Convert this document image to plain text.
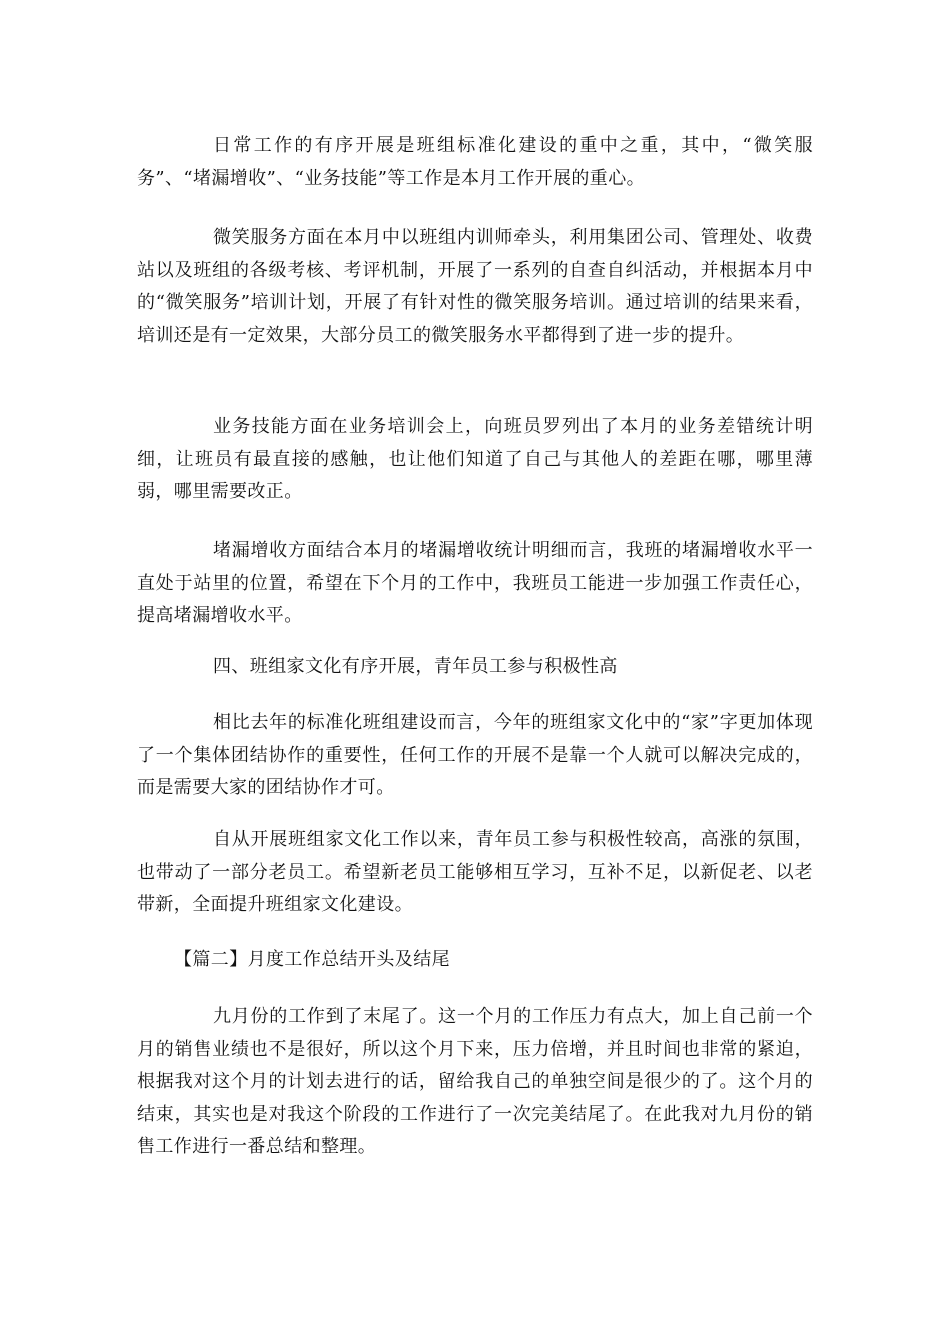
日常工作的有序开展是班组标准化建设的重中之重，其中，“微笑服务”、“堵漏增收”、“业务技能”等工作是本月工作开展的重心。

微笑服务方面在本月中以班组内训师牵头，利用集团公司、管理处、收费站以及班组的各级考核、考评机制，开展了一系列的自查自纠活动，并根据本月中的“微笑服务”培训计划，开展了有针对性的微笑服务培训。通过培训的结果来看，培训还是有一定效果，大部分员工的微笑服务水平都得到了进一步的提升。

业务技能方面在业务培训会上，向班员罗列出了本月的业务差错统计明细，让班员有最直接的感触，也让他们知道了自己与其他人的差距在哪，哪里薄弱，哪里需要改正。

堵漏增收方面结合本月的堵漏增收统计明细而言，我班的堵漏增收水平一直处于站里的位置，希望在下个月的工作中，我班员工能进一步加强工作责任心，提高堵漏增收水平。

四、班组家文化有序开展，青年员工参与积极性高

相比去年的标准化班组建设而言，今年的班组家文化中的“家”字更加体现了一个集体团结协作的重要性，任何工作的开展不是靠一个人就可以解决完成的，而是需要大家的团结协作才可。

自从开展班组家文化工作以来，青年员工参与积极性较高，高涨的氛围，也带动了一部分老员工。希望新老员工能够相互学习，互补不足，以新促老、以老带新，全面提升班组家文化建设。

【篇二】月度工作总结开头及结尾

九月份的工作到了末尾了。这一个月的工作压力有点大，加上自己前一个月的销售业绩也不是很好，所以这个月下来，压力倍增，并且时间也非常的紧迫，根据我对这个月的计划去进行的话，留给我自己的单独空间是很少的了。这个月的结束，其实也是对我这个阶段的工作进行了一次完美结尾了。在此我对九月份的销售工作进行一番总结和整理。
